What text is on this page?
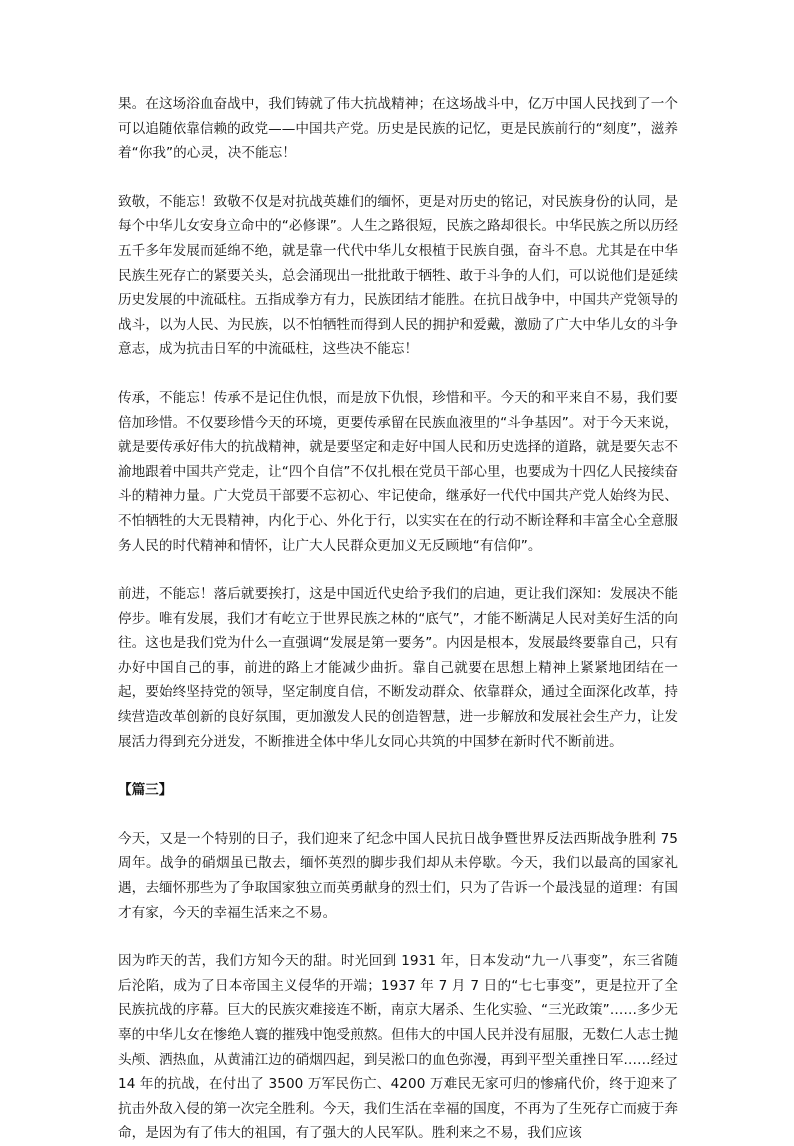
果。在这场浴血奋战中，我们铸就了伟大抗战精神；在这场战斗中，亿万中国人民找到了一个可以追随依靠信赖的政党——中国共产党。历史是民族的记忆，更是民族前行的“刻度”，滋养着“你我”的心灵，决不能忘！

致敬，不能忘！致敬不仅是对抗战英雄们的缅怀，更是对历史的铭记，对民族身份的认同，是每个中华儿女安身立命中的“必修课”。人生之路很短，民族之路却很长。中华民族之所以历经五千多年发展而延绵不绝，就是靠一代代中华儿女根植于民族自强，奋斗不息。尤其是在中华民族生死存亡的紧要关头，总会涌现出一批批敢于牺牲、敢于斗争的人们，可以说他们是延续历史发展的中流砥柱。五指成拳方有力，民族团结才能胜。在抗日战争中，中国共产党领导的战斗，以为人民、为民族，以不怕牺牲而得到人民的拥护和爱戴，激励了广大中华儿女的斗争意志，成为抗击日军的中流砥柱，这些决不能忘！

传承，不能忘！传承不是记住仇恨，而是放下仇恨，珍惜和平。今天的和平来自不易，我们要倍加珍惜。不仅要珍惜今天的环境，更要传承留在民族血液里的“斗争基因”。对于今天来说，就是要传承好伟大的抗战精神，就是要坚定和走好中国人民和历史选择的道路，就是要矢志不渝地跟着中国共产党走，让“四个自信”不仅扎根在党员干部心里，也要成为十四亿人民接续奋斗的精神力量。广大党员干部要不忘初心、牢记使命，继承好一代代中国共产党人始终为民、不怕牺牲的大无畏精神，内化于心、外化于行，以实实在在的行动不断诠释和丰富全心全意服务人民的时代精神和情怀，让广大人民群众更加义无反顾地“有信仰”。

前进，不能忘！落后就要挨打，这是中国近代史给予我们的启迪，更让我们深知：发展决不能停步。唯有发展，我们才有屹立于世界民族之林的“底气”，才能不断满足人民对美好生活的向往。这也是我们党为什么一直强调“发展是第一要务”。内因是根本，发展最终要靠自己，只有办好中国自己的事，前进的路上才能减少曲折。靠自己就要在思想上精神上紧紧地团结在一起，要始终坚持党的领导，坚定制度自信，不断发动群众、依靠群众，通过全面深化改革，持续营造改革创新的良好氛围，更加激发人民的创造智慧，进一步解放和发展社会生产力，让发展活力得到充分迸发，不断推进全体中华儿女同心共筑的中国梦在新时代不断前进。

【篇三】

今天，又是一个特别的日子，我们迎来了纪念中国人民抗日战争暨世界反法西斯战争胜利 75 周年。战争的硝烟虽已散去，缅怀英烈的脚步我们却从未停歇。今天，我们以最高的国家礼遇，去缅怀那些为了争取国家独立而英勇献身的烈士们，只为了告诉一个最浅显的道理：有国才有家，今天的幸福生活来之不易。

因为昨天的苦，我们方知今天的甜。时光回到 1931 年，日本发动“九一八事变”，东三省随后沦陷，成为了日本帝国主义侵华的开端；1937 年 7 月 7 日的“七七事变”，更是拉开了全民族抗战的序幕。巨大的民族灾难接连不断，南京大屠杀、生化实验、“三光政策”……多少无辜的中华儿女在惨绝人寰的摧残中饱受煎熬。但伟大的中国人民并没有屈服，无数仁人志士抛头颅、洒热血，从黄浦江边的硝烟四起，到吴淞口的血色弥漫，再到平型关重挫日军……经过 14 年的抗战，在付出了 3500 万军民伤亡、4200 万难民无家可归的惨痛代价，终于迎来了抗击外敌入侵的第一次完全胜利。今天，我们生活在幸福的国度，不再为了生死存亡而疲于奔命，是因为有了伟大的祖国，有了强大的人民军队。胜利来之不易，我们应该
